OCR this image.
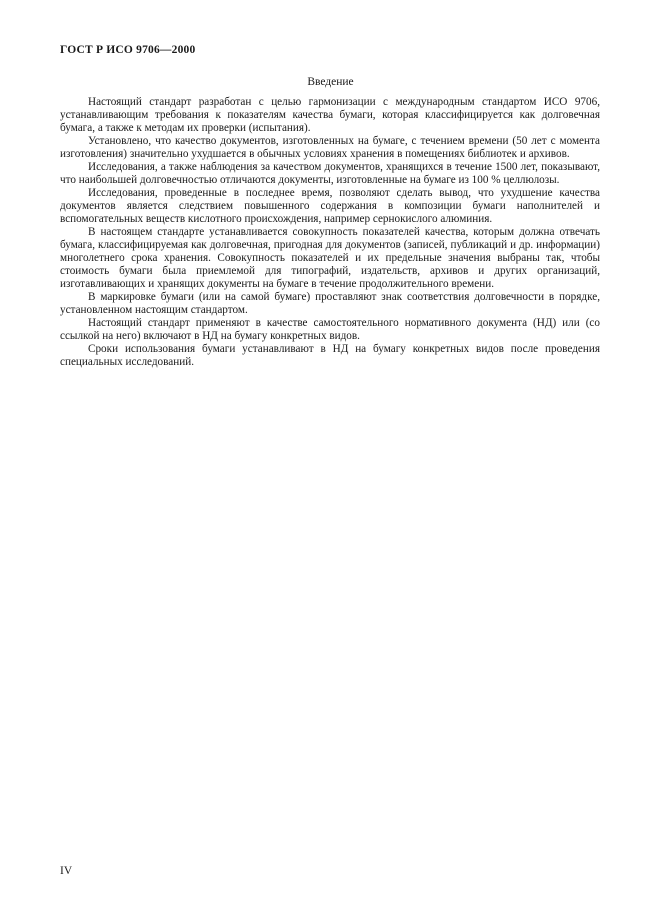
ГОСТ Р ИСО 9706—2000
Введение

Настоящий стандарт разработан с целью гармонизации с международным стандартом ИСО 9706, устанавливающим требования к показателям качества бумаги, которая классифицируется как долговечная бумага, а также к методам их проверки (испытания).

Установлено, что качество документов, изготовленных на бумаге, с течением времени (50 лет с момента изготовления) значительно ухудшается в обычных условиях хранения в помещениях библиотек и архивов.

Исследования, а также наблюдения за качеством документов, хранящихся в течение 1500 лет, показывают, что наибольшей долговечностью отличаются документы, изготовленные на бумаге из 100 % целлюлозы.

Исследования, проведенные в последнее время, позволяют сделать вывод, что ухудшение качества документов является следствием повышенного содержания в композиции бумаги наполнителей и вспомогательных веществ кислотного происхождения, например сернокислого алюминия.

В настоящем стандарте устанавливается совокупность показателей качества, которым должна отвечать бумага, классифицируемая как долговечная, пригодная для документов (записей, публикаций и др. информации) многолетнего срока хранения. Совокупность показателей и их предельные значения выбраны так, чтобы стоимость бумаги была приемлемой для типографий, издательств, архивов и других организаций, изготавливающих и хранящих документы на бумаге в течение продолжительного времени.

В маркировке бумаги (или на самой бумаге) проставляют знак соответствия долговечности в порядке, установленном настоящим стандартом.

Настоящий стандарт применяют в качестве самостоятельного нормативного документа (НД) или (со ссылкой на него) включают в НД на бумагу конкретных видов.

Сроки использования бумаги устанавливают в НД на бумагу конкретных видов после проведения специальных исследований.

IV
